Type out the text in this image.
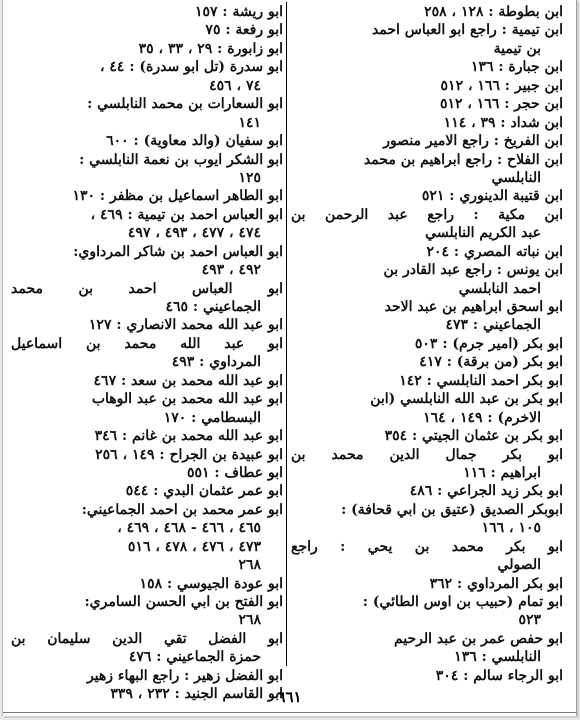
ابن بطوطة : ١٢٨ ، ٢٥٨
ابن تيمية : راجع ابو العباس احمد
بن تيمية
ابن جبارة : ١٣٦
ابن جبير : ١٦٦ ، ٥١٢
ابن حجر : ١٦٦ ، ٥١٢
ابن شداد : ٣٩ ، ١١٤
ابن الفريخ : راجع الامير منصور
ابن الفلاح : راجع ابراهيم بن محمد
النابلسي
ابن قتيبة الدينوري : ٥٢١
ابن مكية : راجع عبد الرحمن بن
عبد الكريم النابلسي
ابن نباته المصري : ٢٠٤
ابن يونس : راجع عبد القادر بن
احمد النابلسي
ابو اسحق ابراهيم بن عبد الاحد
الجماعيني : ٤٧٣
ابو بكر (امير جرم) : ٥٠٣
ابو بكر (من برقة) : ٤١٧
ابو بكر احمد النابلسي : ١٤٢
ابو بكر بن عبد الله النابلسي (ابن
الاخرم) : ١٤٩ ، ١٦٤
ابو بكر بن عثمان الجيتي : ٣٥٤
ابو بكر جمال الدين محمد بن
ابراهيم : ١١٦
ابو بكر زيد الجراعي : ٤٨٦
ابوبكر الصديق (عتيق بن ابي قحافة) :
١٠٥ ، ١٦٦
ابو بكر محمد بن يحي : راجع
الصولي
ابو بكر المرداوي : ٣٦٢
ابو تمام (حبيب بن اوس الطائي) :
٥٢٣
ابو حفص عمر بن عبد الرحيم
النابلسي : ١٣٦
ابو الرجاء سالم : ٣٠٤
ابو ريشة : ١٥٧
ابو رفعة : ٧٥
ابو زابورة : ٢٩ ، ٣٣ ، ٣٥
ابو سدرة (تل ابو سدرة) : ٤٤ ،
٧٤ ، ٤٥٦
ابو السعارات بن محمد النابلسي :
١٤١
ابو سفيان (والد معاوية) : ٦٠٠
ابو الشكر ايوب بن نعمة النابلسي :
١٢٥
ابو الطاهر اسماعيل بن مظفر : ١٣٠
ابو العباس احمد بن تيمية : ٤٦٩ ،
٤٧٤ ، ٤٧٧ ، ٤٩٣ ، ٤٩٧
ابو العباس احمد بن شاكر المرداوي:
٤٩٢ ، ٤٩٣
ابو العباس احمد بن محمد
الجماعيني : ٤٦٥
ابو عبد الله محمد الانصاري : ١٢٧
ابو عبد الله محمد بن اسماعيل
المرداوي : ٤٩٣
ابو عبد الله محمد بن سعد : ٤٦٧
ابو عبد الله محمد بن عبد الوهاب
البسطامي : ١٧٠
ابو عبد الله محمد بن غانم : ٣٤٦
ابو عبيدة بن الجراح : ١٤٩ ، ٢٥٦
ابو عطاف : ٥٥١
ابو عمر عثمان البدي : ٥٤٤
ابو عمر محمد بن احمد الجماعيني:
٤٦٥ ، ٤٦٦ - ٤٦٨ ، ٤٦٩ ،
٤٧٣ ، ٤٧٦ ، ٤٧٨ ، ٥١٦
٢٦٨
ابو عودة الجيوسي : ١٥٨
ابو الفتح بن ابي الحسن السامري:
٢٦٨
ابو الفضل تقي الدين سليمان بن
حمزة الجماعيني : ٤٧٦
ابو الفضل زهير : راجع البهاء زهير
ابو القاسم الجنيد : ٢٣٢ ، ٣٣٩
٦٦١
